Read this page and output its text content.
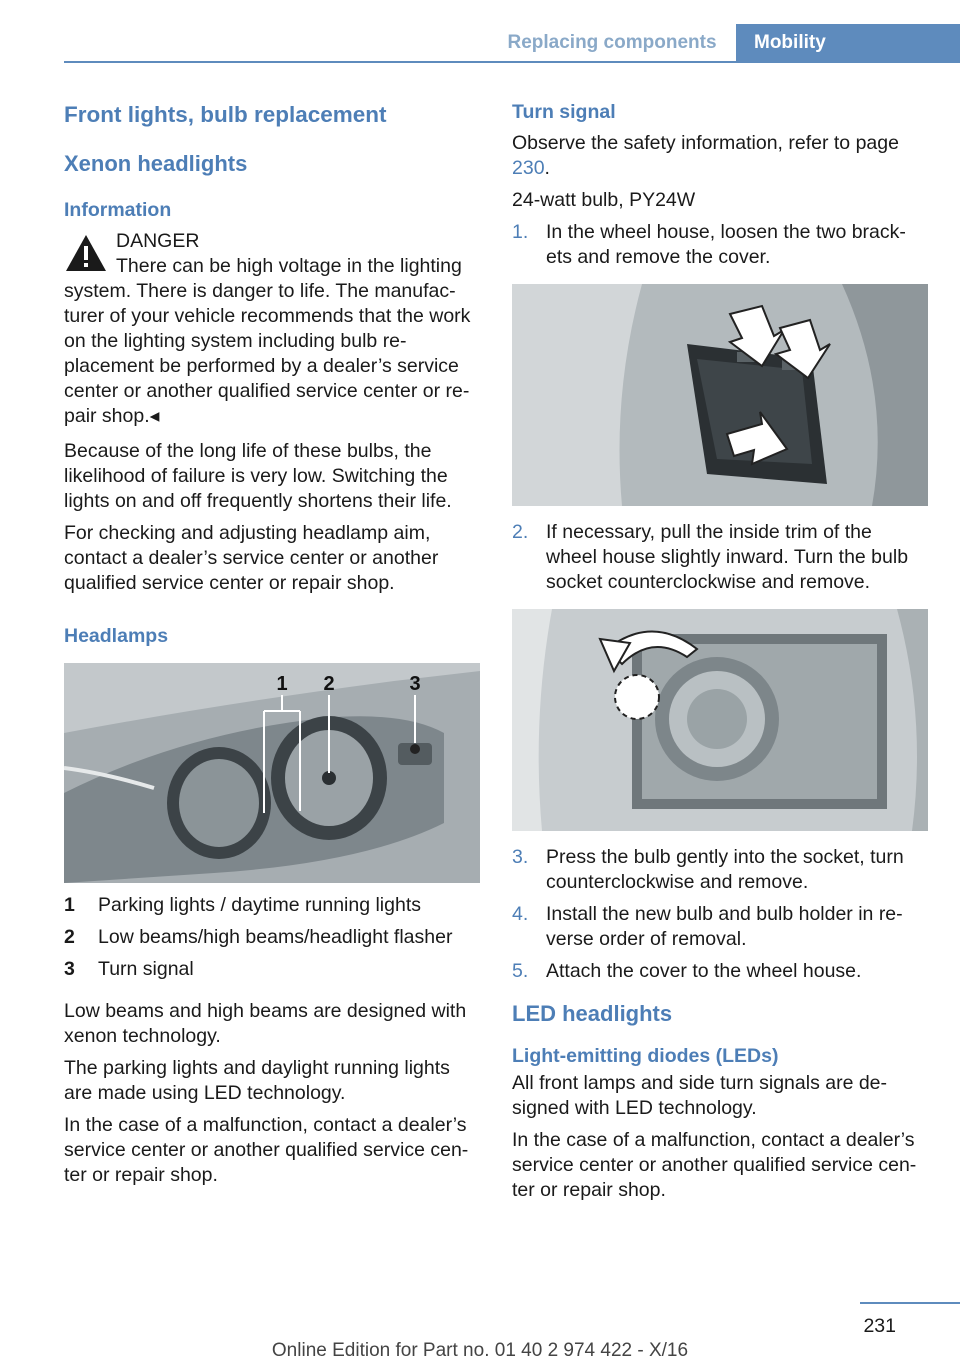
Replacing components	Mobility
Front lights, bulb replacement
Xenon headlights
Information
DANGER
There can be high voltage in the lighting

system. There is danger to life. The manufac-turer of your vehicle recommends that the work on the lighting system including bulb re-placement be performed by a dealer’s service center or another qualified service center or re-pair shop.◂

Because of the long life of these bulbs, the likelihood of failure is very low. Switching the lights on and off frequently shortens their life.

For checking and adjusting headlamp aim, contact a dealer’s service center or another qualified service center or repair shop.

Headlamps
1 2	3
1	Parking lights / daytime running lights
2	Low beams/high beams/headlight flasher
3	Turn signal

Low beams and high beams are designed with xenon technology.

The parking lights and daylight running lights are made using LED technology.

In the case of a malfunction, contact a dealer’s service center or another qualified service cen-ter or repair shop.

Turn signal

Observe the safety information, refer to page 230.

24-watt bulb, PY24W

1. In the wheel house, loosen the two brack-ets and remove the cover.
2. If necessary, pull the inside trim of the wheel house slightly inward. Turn the bulb socket counterclockwise and remove.
3. Press the bulb gently into the socket, turn counterclockwise and remove.
4. Install the new bulb and bulb holder in re-verse order of removal.
5. Attach the cover to the wheel house.
LED headlights
Light-emitting diodes (LEDs)

All front lamps and side turn signals are de-signed with LED technology.

In the case of a malfunction, contact a dealer’s service center or another qualified service cen-ter or repair shop.

231
Online Edition for Part no. 01 40 2 974 422 - X/16
